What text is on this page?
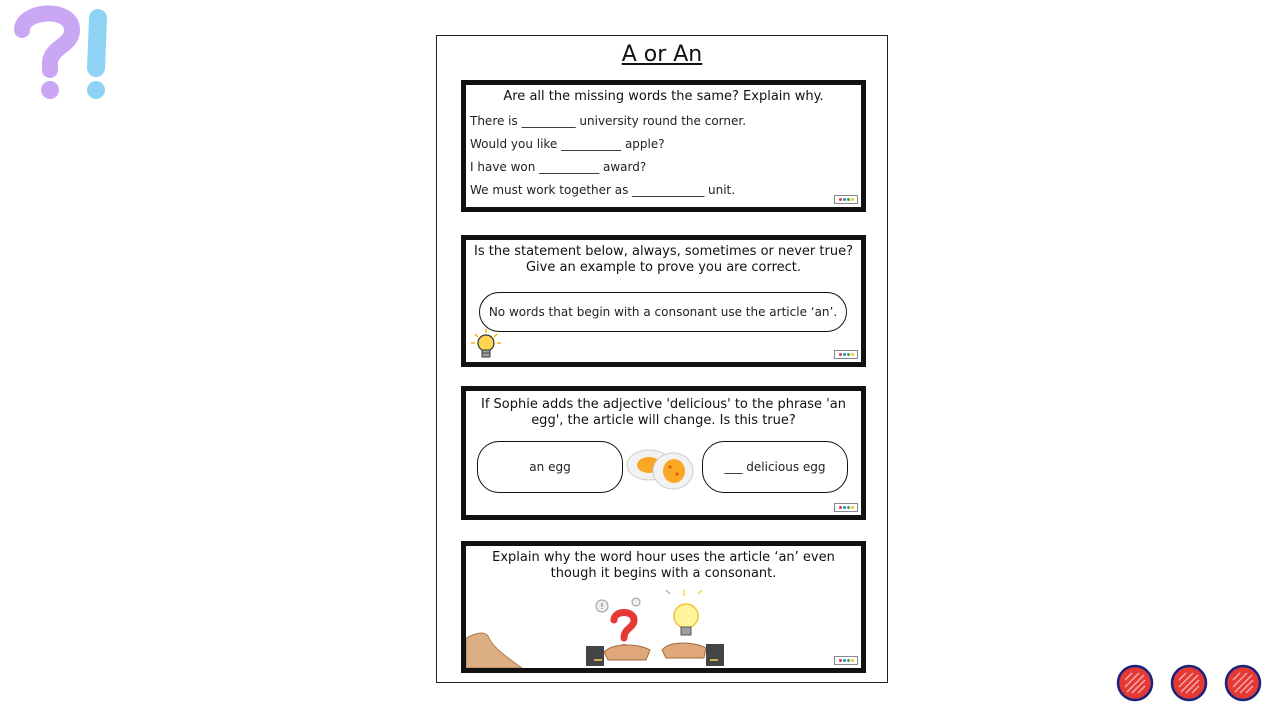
A or An
Are all the missing words the same? Explain why.
There is _________ university round the corner.
Would you like __________ apple?
I have won __________ award?
We must work together as ____________ unit.
Is the statement below, always, sometimes or never true? Give an example to prove you are correct.
No words that begin with a consonant use the article ‘an’.
If Sophie adds the adjective 'delicious' to the phrase 'an egg', the article will change. Is this true?
an egg	___ delicious egg
Explain why the word hour uses the article ‘an’ even though it begins with a consonant.
!
